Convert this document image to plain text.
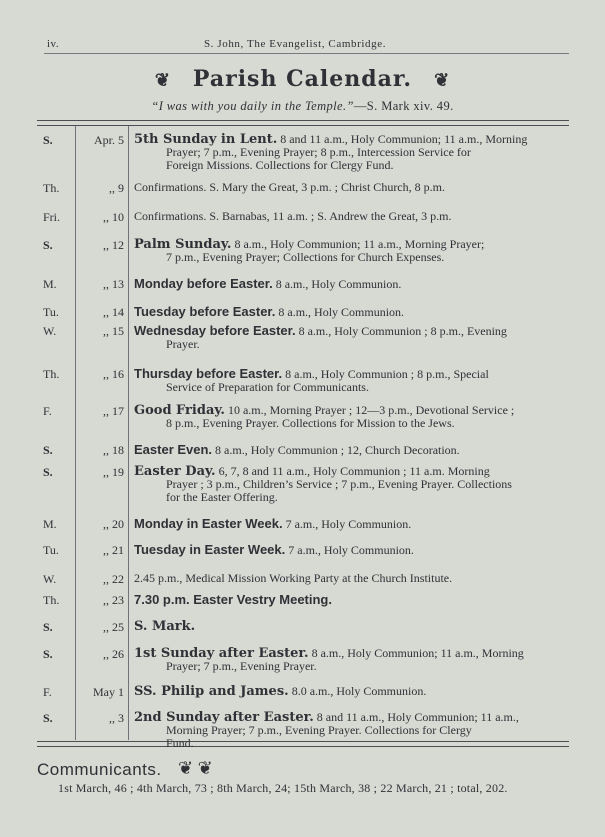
iv.	S. John, The Evangelist, Cambridge.
❦ Parish Calendar. ❦
“I was with you daily in the Temple.”—S. Mark xiv. 49.
S.	Apr. 5 5th Sunday in Lent. 8 and 11 a.m., Holy Communion; 11 a.m., Morning
Prayer; 7 p.m., Evening Prayer; 8 p.m., Intercession Service for
Foreign Missions. Collections for Clergy Fund.
Th.	,, 9 Confirmations. S. Mary the Great, 3 p.m. ; Christ Church, 8 p.m.
Fri.	,, 10 Confirmations. S. Barnabas, 11 a.m. ; S. Andrew the Great, 3 p.m.
S.	,, 12 Palm Sunday. 8 a.m., Holy Communion; 11 a.m., Morning Prayer;
7 p.m., Evening Prayer; Collections for Church Expenses.
M.	,, 13 Monday before Easter. 8 a.m., Holy Communion.
Tu.	,, 14 Tuesday before Easter. 8 a.m., Holy Communion.
W.	,, 15 Wednesday before Easter. 8 a.m., Holy Communion ; 8 p.m., Evening
Prayer.
Th.	,, 16 Thursday before Easter. 8 a.m., Holy Communion ; 8 p.m., Special
Service of Preparation for Communicants.
F.	,, 17 Good Friday. 10 a.m., Morning Prayer ; 12—3 p.m., Devotional Service ;
8 p.m., Evening Prayer. Collections for Mission to the Jews.
S.	,, 18 Easter Even. 8 a.m., Holy Communion ; 12, Church Decoration.
S.	,, 19 Easter Day. 6, 7, 8 and 11 a.m., Holy Communion ; 11 a.m. Morning
Prayer ; 3 p.m., Children’s Service ; 7 p.m., Evening Prayer. Collections
for the Easter Offering.
M.	,, 20 Monday in Easter Week. 7 a.m., Holy Communion.
Tu.	,, 21 Tuesday in Easter Week. 7 a.m., Holy Communion.
W.	,, 22 2.45 p.m., Medical Mission Working Party at the Church Institute.
Th.	,, 23 7.30 p.m. Easter Vestry Meeting.
S.	,, 25 S. Mark.
S.	,, 26 1st Sunday after Easter. 8 a.m., Holy Communion; 11 a.m., Morning
Prayer; 7 p.m., Evening Prayer.
F.	May 1 SS. Philip and James. 8.0 a.m., Holy Communion.
S.	,, 3 2nd Sunday after Easter. 8 and 11 a.m., Holy Communion; 11 a.m.,
Morning Prayer; 7 p.m., Evening Prayer. Collections for Clergy
Fund.
Communicants. ❦ ❦
1st March, 46 ; 4th March, 73 ; 8th March, 24; 15th March, 38 ; 22 March, 21 ; total, 202.
